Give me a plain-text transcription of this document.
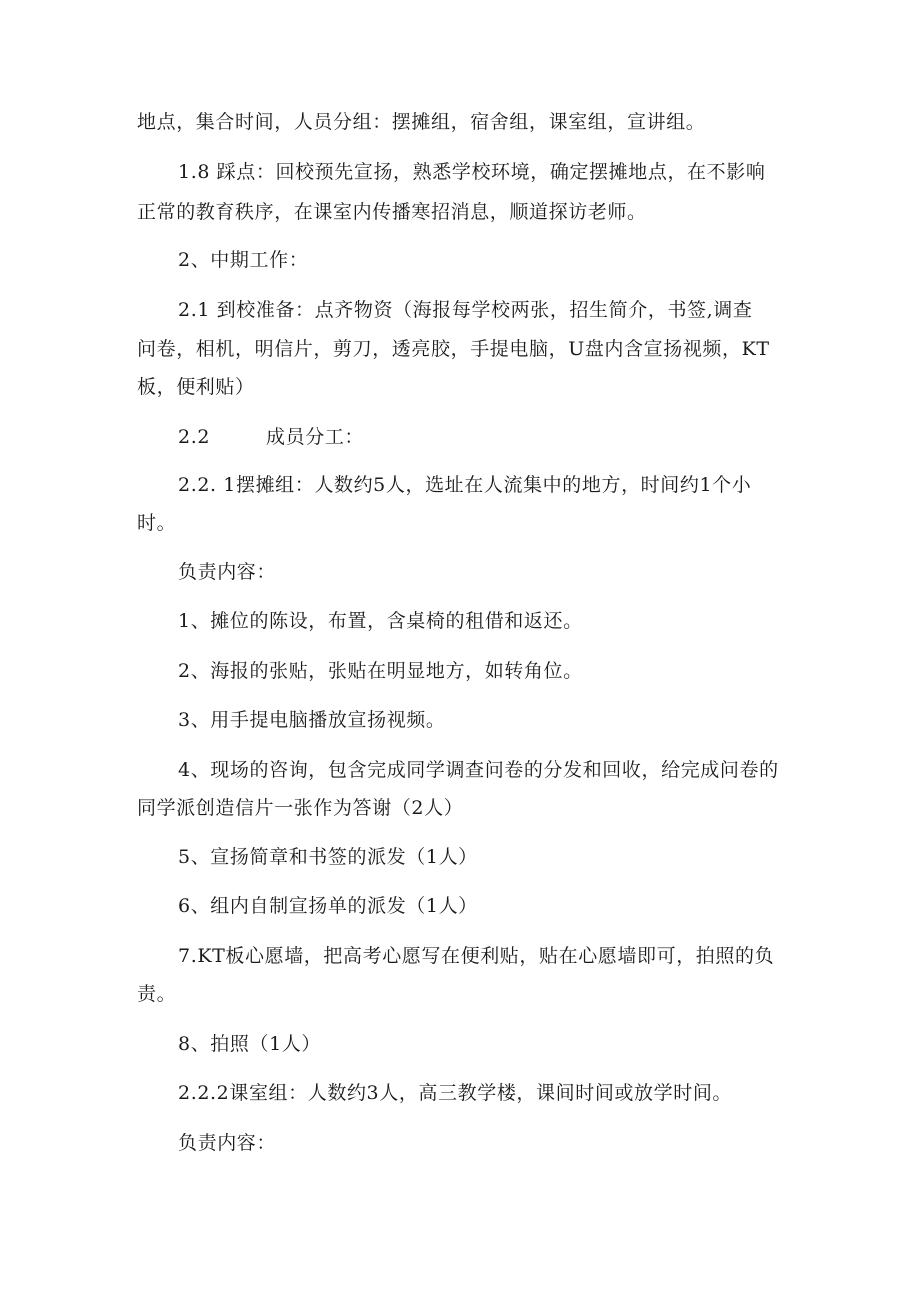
地点，集合时间，人员分组：摆摊组，宿舍组，课室组，宣讲组。
1.8 踩点：回校预先宣扬，熟悉学校环境，确定摆摊地点，在不影响
正常的教育秩序，在课室内传播寒招消息，顺道探访老师。
2、中期工作：
2.1 到校准备：点齐物资（海报每学校两张，招生简介，书签,调查
问卷，相机，明信片，剪刀，透亮胶，手提电脑，U盘内含宣扬视频，KT
板，便利贴）
2.2	成员分工：
2.2. 1摆摊组：人数约5人，选址在人流集中的地方，时间约1个小
时。
负责内容：
1、摊位的陈设，布置，含桌椅的租借和返还。
2、海报的张贴，张贴在明显地方，如转角位。
3、用手提电脑播放宣扬视频。
4、现场的咨询，包含完成同学调查问卷的分发和回收，给完成问卷的
同学派创造信片一张作为答谢（2人）
5、宣扬简章和书签的派发（1人）
6、组内自制宣扬单的派发（1人）
7.KT板心愿墙，把高考心愿写在便利贴，贴在心愿墙即可，拍照的负
责。
8、拍照（1人）
2.2.2课室组：人数约3人，高三教学楼，课间时间或放学时间。
负责内容：
